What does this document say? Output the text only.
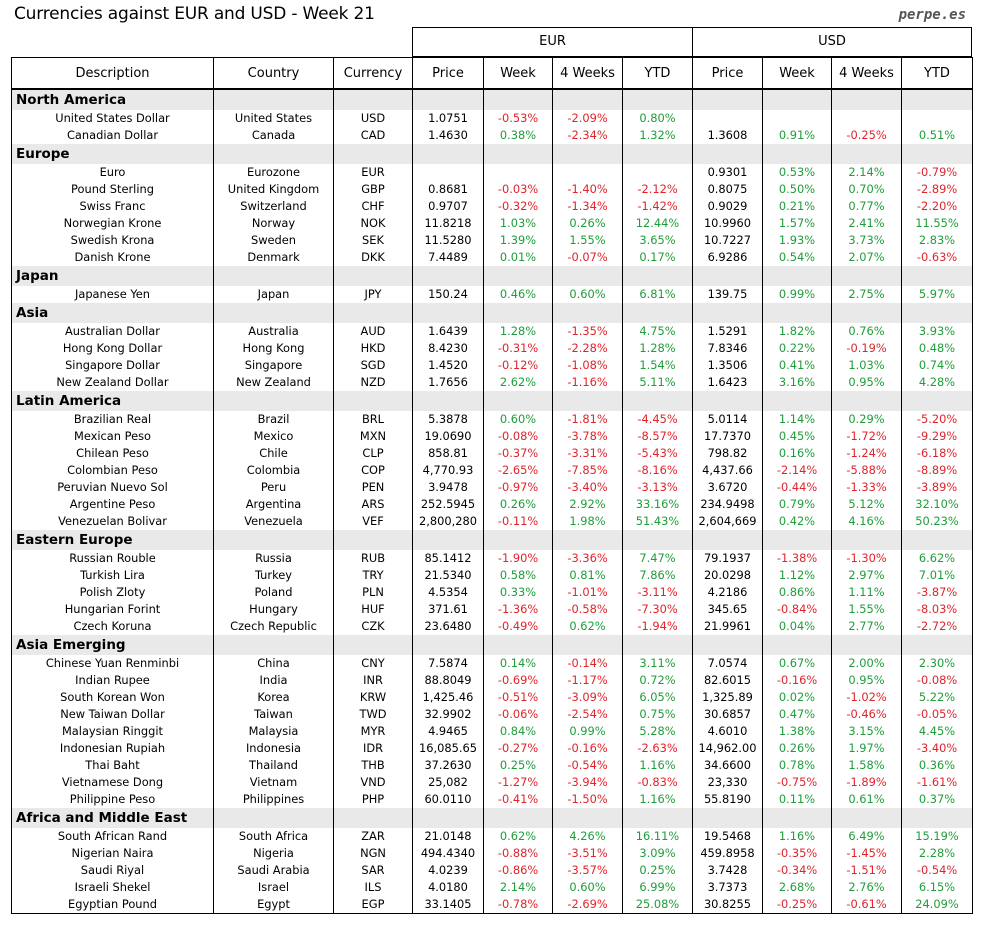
Currencies against EUR and USD - Week 21	perpe.es
EUR	USD
Description	Country	Currency	Price	Week	4 Weeks	YTD	Price	Week	4 Weeks	YTD
North America										
United States Dollar	United States	USD	1.0751	-0.53%	-2.09%	0.80%				
Canadian Dollar	Canada	CAD	1.4630	0.38%	-2.34%	1.32%	1.3608	0.91%	-0.25%	0.51%
Europe										
Euro	Eurozone	EUR					0.9301	0.53%	2.14%	-0.79%
Pound Sterling	United Kingdom	GBP	0.8681	-0.03%	-1.40%	-2.12%	0.8075	0.50%	0.70%	-2.89%
Swiss Franc	Switzerland	CHF	0.9707	-0.32%	-1.34%	-1.42%	0.9029	0.21%	0.77%	-2.20%
Norwegian Krone	Norway	NOK	11.8218	1.03%	0.26%	12.44%	10.9960	1.57%	2.41%	11.55%
Swedish Krona	Sweden	SEK	11.5280	1.39%	1.55%	3.65%	10.7227	1.93%	3.73%	2.83%
Danish Krone	Denmark	DKK	7.4489	0.01%	-0.07%	0.17%	6.9286	0.54%	2.07%	-0.63%
Japan										
Japanese Yen	Japan	JPY	150.24	0.46%	0.60%	6.81%	139.75	0.99%	2.75%	5.97%
Asia										
Australian Dollar	Australia	AUD	1.6439	1.28%	-1.35%	4.75%	1.5291	1.82%	0.76%	3.93%
Hong Kong Dollar	Hong Kong	HKD	8.4230	-0.31%	-2.28%	1.28%	7.8346	0.22%	-0.19%	0.48%
Singapore Dollar	Singapore	SGD	1.4520	-0.12%	-1.08%	1.54%	1.3506	0.41%	1.03%	0.74%
New Zealand Dollar	New Zealand	NZD	1.7656	2.62%	-1.16%	5.11%	1.6423	3.16%	0.95%	4.28%
Latin America										
Brazilian Real	Brazil	BRL	5.3878	0.60%	-1.81%	-4.45%	5.0114	1.14%	0.29%	-5.20%
Mexican Peso	Mexico	MXN	19.0690	-0.08%	-3.78%	-8.57%	17.7370	0.45%	-1.72%	-9.29%
Chilean Peso	Chile	CLP	858.81	-0.37%	-3.31%	-5.43%	798.82	0.16%	-1.24%	-6.18%
Colombian Peso	Colombia	COP	4,770.93	-2.65%	-7.85%	-8.16%	4,437.66	-2.14%	-5.88%	-8.89%
Peruvian Nuevo Sol	Peru	PEN	3.9478	-0.97%	-3.40%	-3.13%	3.6720	-0.44%	-1.33%	-3.89%
Argentine Peso	Argentina	ARS	252.5945	0.26%	2.92%	33.16%	234.9498	0.79%	5.12%	32.10%
Venezuelan Bolivar	Venezuela	VEF	2,800,280	-0.11%	1.98%	51.43%	2,604,669	0.42%	4.16%	50.23%
Eastern Europe										
Russian Rouble	Russia	RUB	85.1412	-1.90%	-3.36%	7.47%	79.1937	-1.38%	-1.30%	6.62%
Turkish Lira	Turkey	TRY	21.5340	0.58%	0.81%	7.86%	20.0298	1.12%	2.97%	7.01%
Polish Zloty	Poland	PLN	4.5354	0.33%	-1.01%	-3.11%	4.2186	0.86%	1.11%	-3.87%
Hungarian Forint	Hungary	HUF	371.61	-1.36%	-0.58%	-7.30%	345.65	-0.84%	1.55%	-8.03%
Czech Koruna	Czech Republic	CZK	23.6480	-0.49%	0.62%	-1.94%	21.9961	0.04%	2.77%	-2.72%
Asia Emerging										
Chinese Yuan Renminbi	China	CNY	7.5874	0.14%	-0.14%	3.11%	7.0574	0.67%	2.00%	2.30%
Indian Rupee	India	INR	88.8049	-0.69%	-1.17%	0.72%	82.6015	-0.16%	0.95%	-0.08%
South Korean Won	Korea	KRW	1,425.46	-0.51%	-3.09%	6.05%	1,325.89	0.02%	-1.02%	5.22%
New Taiwan Dollar	Taiwan	TWD	32.9902	-0.06%	-2.54%	0.75%	30.6857	0.47%	-0.46%	-0.05%
Malaysian Ringgit	Malaysia	MYR	4.9465	0.84%	0.99%	5.28%	4.6010	1.38%	3.15%	4.45%
Indonesian Rupiah	Indonesia	IDR	16,085.65	-0.27%	-0.16%	-2.63%	14,962.00	0.26%	1.97%	-3.40%
Thai Baht	Thailand	THB	37.2630	0.25%	-0.54%	1.16%	34.6600	0.78%	1.58%	0.36%
Vietnamese Dong	Vietnam	VND	25,082	-1.27%	-3.94%	-0.83%	23,330	-0.75%	-1.89%	-1.61%
Philippine Peso	Philippines	PHP	60.0110	-0.41%	-1.50%	1.16%	55.8190	0.11%	0.61%	0.37%
Africa and Middle East										
South African Rand	South Africa	ZAR	21.0148	0.62%	4.26%	16.11%	19.5468	1.16%	6.49%	15.19%
Nigerian Naira	Nigeria	NGN	494.4340	-0.88%	-3.51%	3.09%	459.8958	-0.35%	-1.45%	2.28%
Saudi Riyal	Saudi Arabia	SAR	4.0239	-0.86%	-3.57%	0.25%	3.7428	-0.34%	-1.51%	-0.54%
Israeli Shekel	Israel	ILS	4.0180	2.14%	0.60%	6.99%	3.7373	2.68%	2.76%	6.15%
Egyptian Pound	Egypt	EGP	33.1405	-0.78%	-2.69%	25.08%	30.8255	-0.25%	-0.61%	24.09%
